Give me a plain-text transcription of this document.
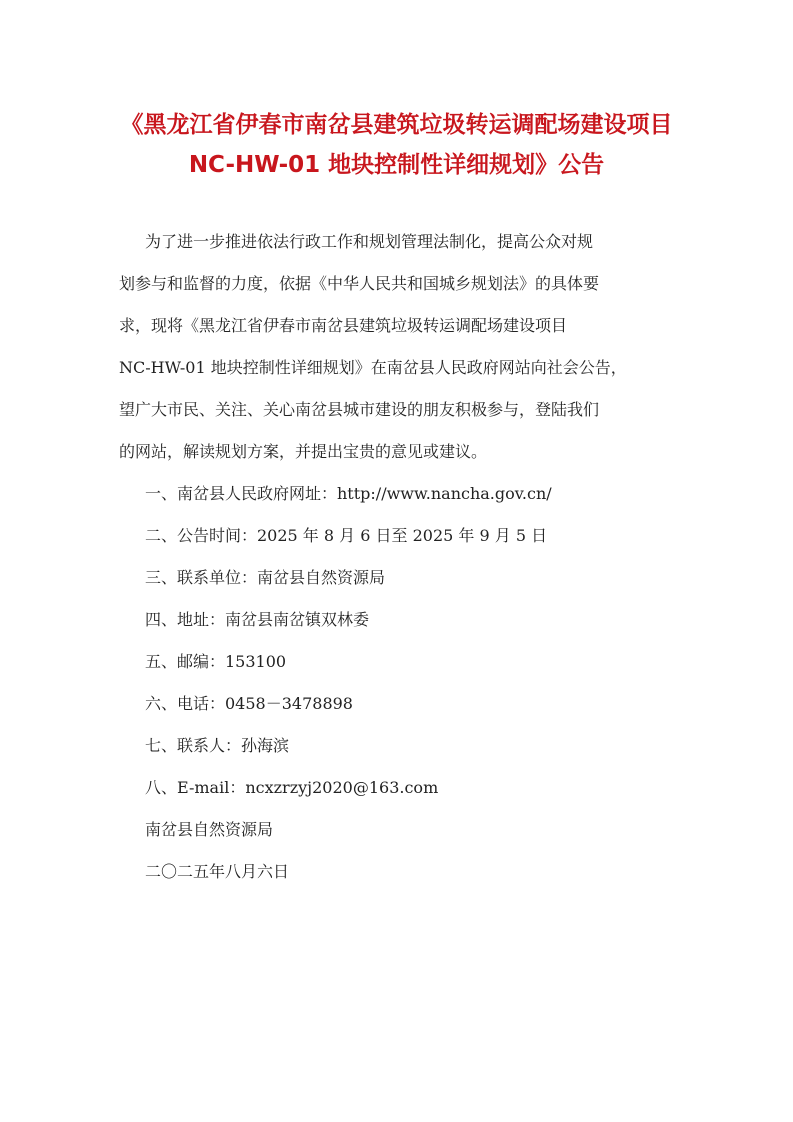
《黑龙江省伊春市南岔县建筑垃圾转运调配场建设项目
NC-HW-01 地块控制性详细规划》公告
为了进一步推进依法行政工作和规划管理法制化，提高公众对规
划参与和监督的力度，依据《中华人民共和国城乡规划法》的具体要
求，现将《黑龙江省伊春市南岔县建筑垃圾转运调配场建设项目
NC-HW-01 地块控制性详细规划》在南岔县人民政府网站向社会公告，
望广大市民、关注、关心南岔县城市建设的朋友积极参与，登陆我们
的网站，解读规划方案，并提出宝贵的意见或建议。
一、南岔县人民政府网址：http://www.nancha.gov.cn/
二、公告时间：2025 年 8 月 6 日至 2025 年 9 月 5 日
三、联系单位：南岔县自然资源局
四、地址：南岔县南岔镇双林委
五、邮编：153100
六、电话：0458－3478898
七、联系人：孙海滨
八、E-mail：ncxzrzyj2020@163.com
南岔县自然资源局
二〇二五年八月六日
